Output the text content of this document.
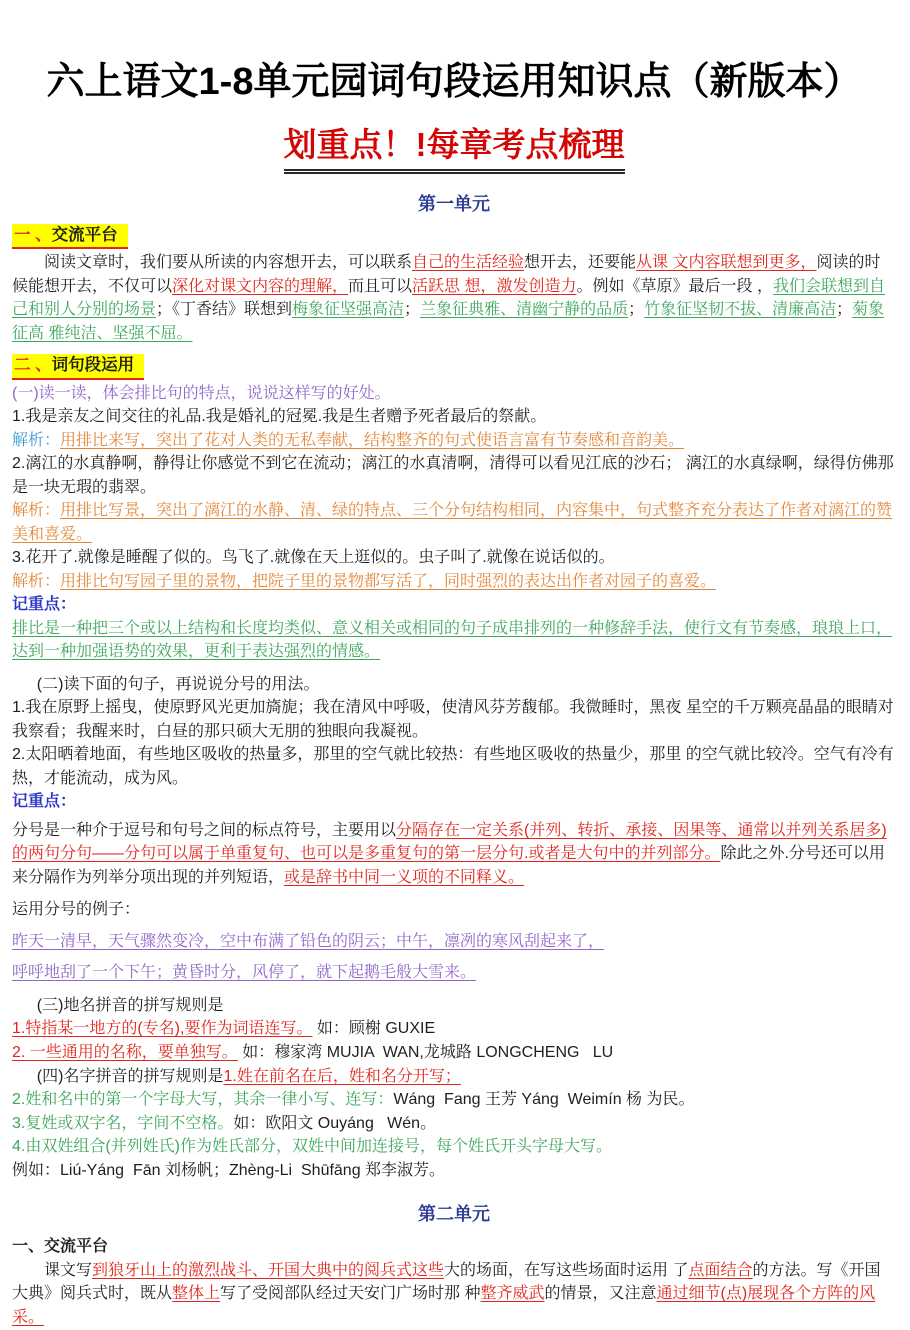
六上语文1-8单元园词句段运用知识点（新版本）
划重点！!每章考点梳理
第一单元
一 、交流平台
阅读文章时，我们要从所读的内容想开去，可以联系自己的生活经验想开去，还要能从课 文内容联想到更多，阅读的时候能想开去，不仅可以深化对课文内容的理解，而且可以活跃思 想，激发创造力。例如《草原》最后一段 ，我们会联想到自己和别人分别的场景；《丁香结》联想到梅象征坚强高洁；兰象征典雅、清幽宁静的品质；竹象征坚韧不拔、清廉高洁；菊象征高 雅纯洁、坚强不屈。
二 、词句段运用
(一)读一读，体会排比句的特点，说说这样写的好处。
1.我是亲友之间交往的礼品.我是婚礼的冠冕.我是生者赠予死者最后的祭献。
解析：用排比来写，突出了花对人类的无私奉献，结构整齐的句式使语言富有节奏感和音韵美。
2.漓江的水真静啊，静得让你感觉不到它在流动；漓江的水真清啊，清得可以看见江底的沙石； 漓江的水真绿啊，绿得仿佛那是一块无瑕的翡翠。
解析：用排比写景，突出了漓江的水静、清、绿的特点、三个分句结构相同，内容集中，句式整齐充分表达了作者对漓江的赞美和喜爱。
3.花开了.就像是睡醒了似的。鸟飞了.就像在天上逛似的。虫子叫了.就像在说话似的。
解析：用排比句写园子里的景物，把院子里的景物都写活了，同时强烈的表达出作者对园子的喜爱。
记重点：
排比是一种把三个或以上结构和长度均类似、意义相关或相同的句子成串排列的一种修辞手法，使行文有节奏感，琅琅上口，达到一种加强语势的效果，更利于表达强烈的情感。
(二)读下面的句子，再说说分号的用法。
1.我在原野上摇曳，使原野风光更加旖旎；我在清风中呼吸，使清风芬芳馥郁。我微睡时，黑夜 星空的千万颗亮晶晶的眼睛对我察看；我醒来时，白昼的那只硕大无朋的独眼向我凝视。
2.太阳晒着地面，有些地区吸收的热量多，那里的空气就比较热：有些地区吸收的热量少，那里 的空气就比较冷。空气有冷有热，才能流动，成为风。
记重点：
分号是一种介于逗号和句号之间的标点符号，主要用以分隔存在一定关系(并列、转折、承接、因果等、通常以并列关系居多)的两句分句——分句可以属于单重复句、也可以是多重复句的第一层分句.或者是大句中的并列部分。除此之外.分号还可以用来分隔作为列举分项出现的并列短语，或是辞书中同一义项的不同释义。
运用分号的例子：
昨天一清早，天气骤然变冷，空中布满了铅色的阴云；中午，凛冽的寒风刮起来了，
呼呼地刮了一个下午；黄昏时分，风停了，就下起鹅毛般大雪来。
(三)地名拼音的拼写规则是
1.特指某一地方的(专名),要作为词语连写。 如：顾榭 GUXIE
2. 一些通用的名称，要单独写。 如：穆家湾 MUJIA  WAN,龙城路 LONGCHENG   LU
(四)名字拼音的拼写规则是1.姓在前名在后，姓和名分开写；
2.姓和名中的第一个字母大写，其余一律小写、连写：Wáng  Fang 王芳 Yáng  Weimín 杨 为民。
3.复姓或双字名，字间不空格。如：欧阳文 Ouyáng   Wén。
4.由双姓组合(并列姓氏)作为姓氏部分，双姓中间加连接号，每个姓氏开头字母大写。
例如：Liú-Yáng  Fān 刘杨帆；Zhèng-Li  Shūfāng 郑李淑芳。
第二单元
一、交流平台
课文写到狼牙山上的激烈战斗、开国大典中的阅兵式这些大的场面，在写这些场面时运用 了点面结合的方法。写《开国大典》阅兵式时，既从整体上写了受阅部队经过天安门广场时那 种整齐威武的情景，又注意通过细节(点)展现各个方阵的风采。
